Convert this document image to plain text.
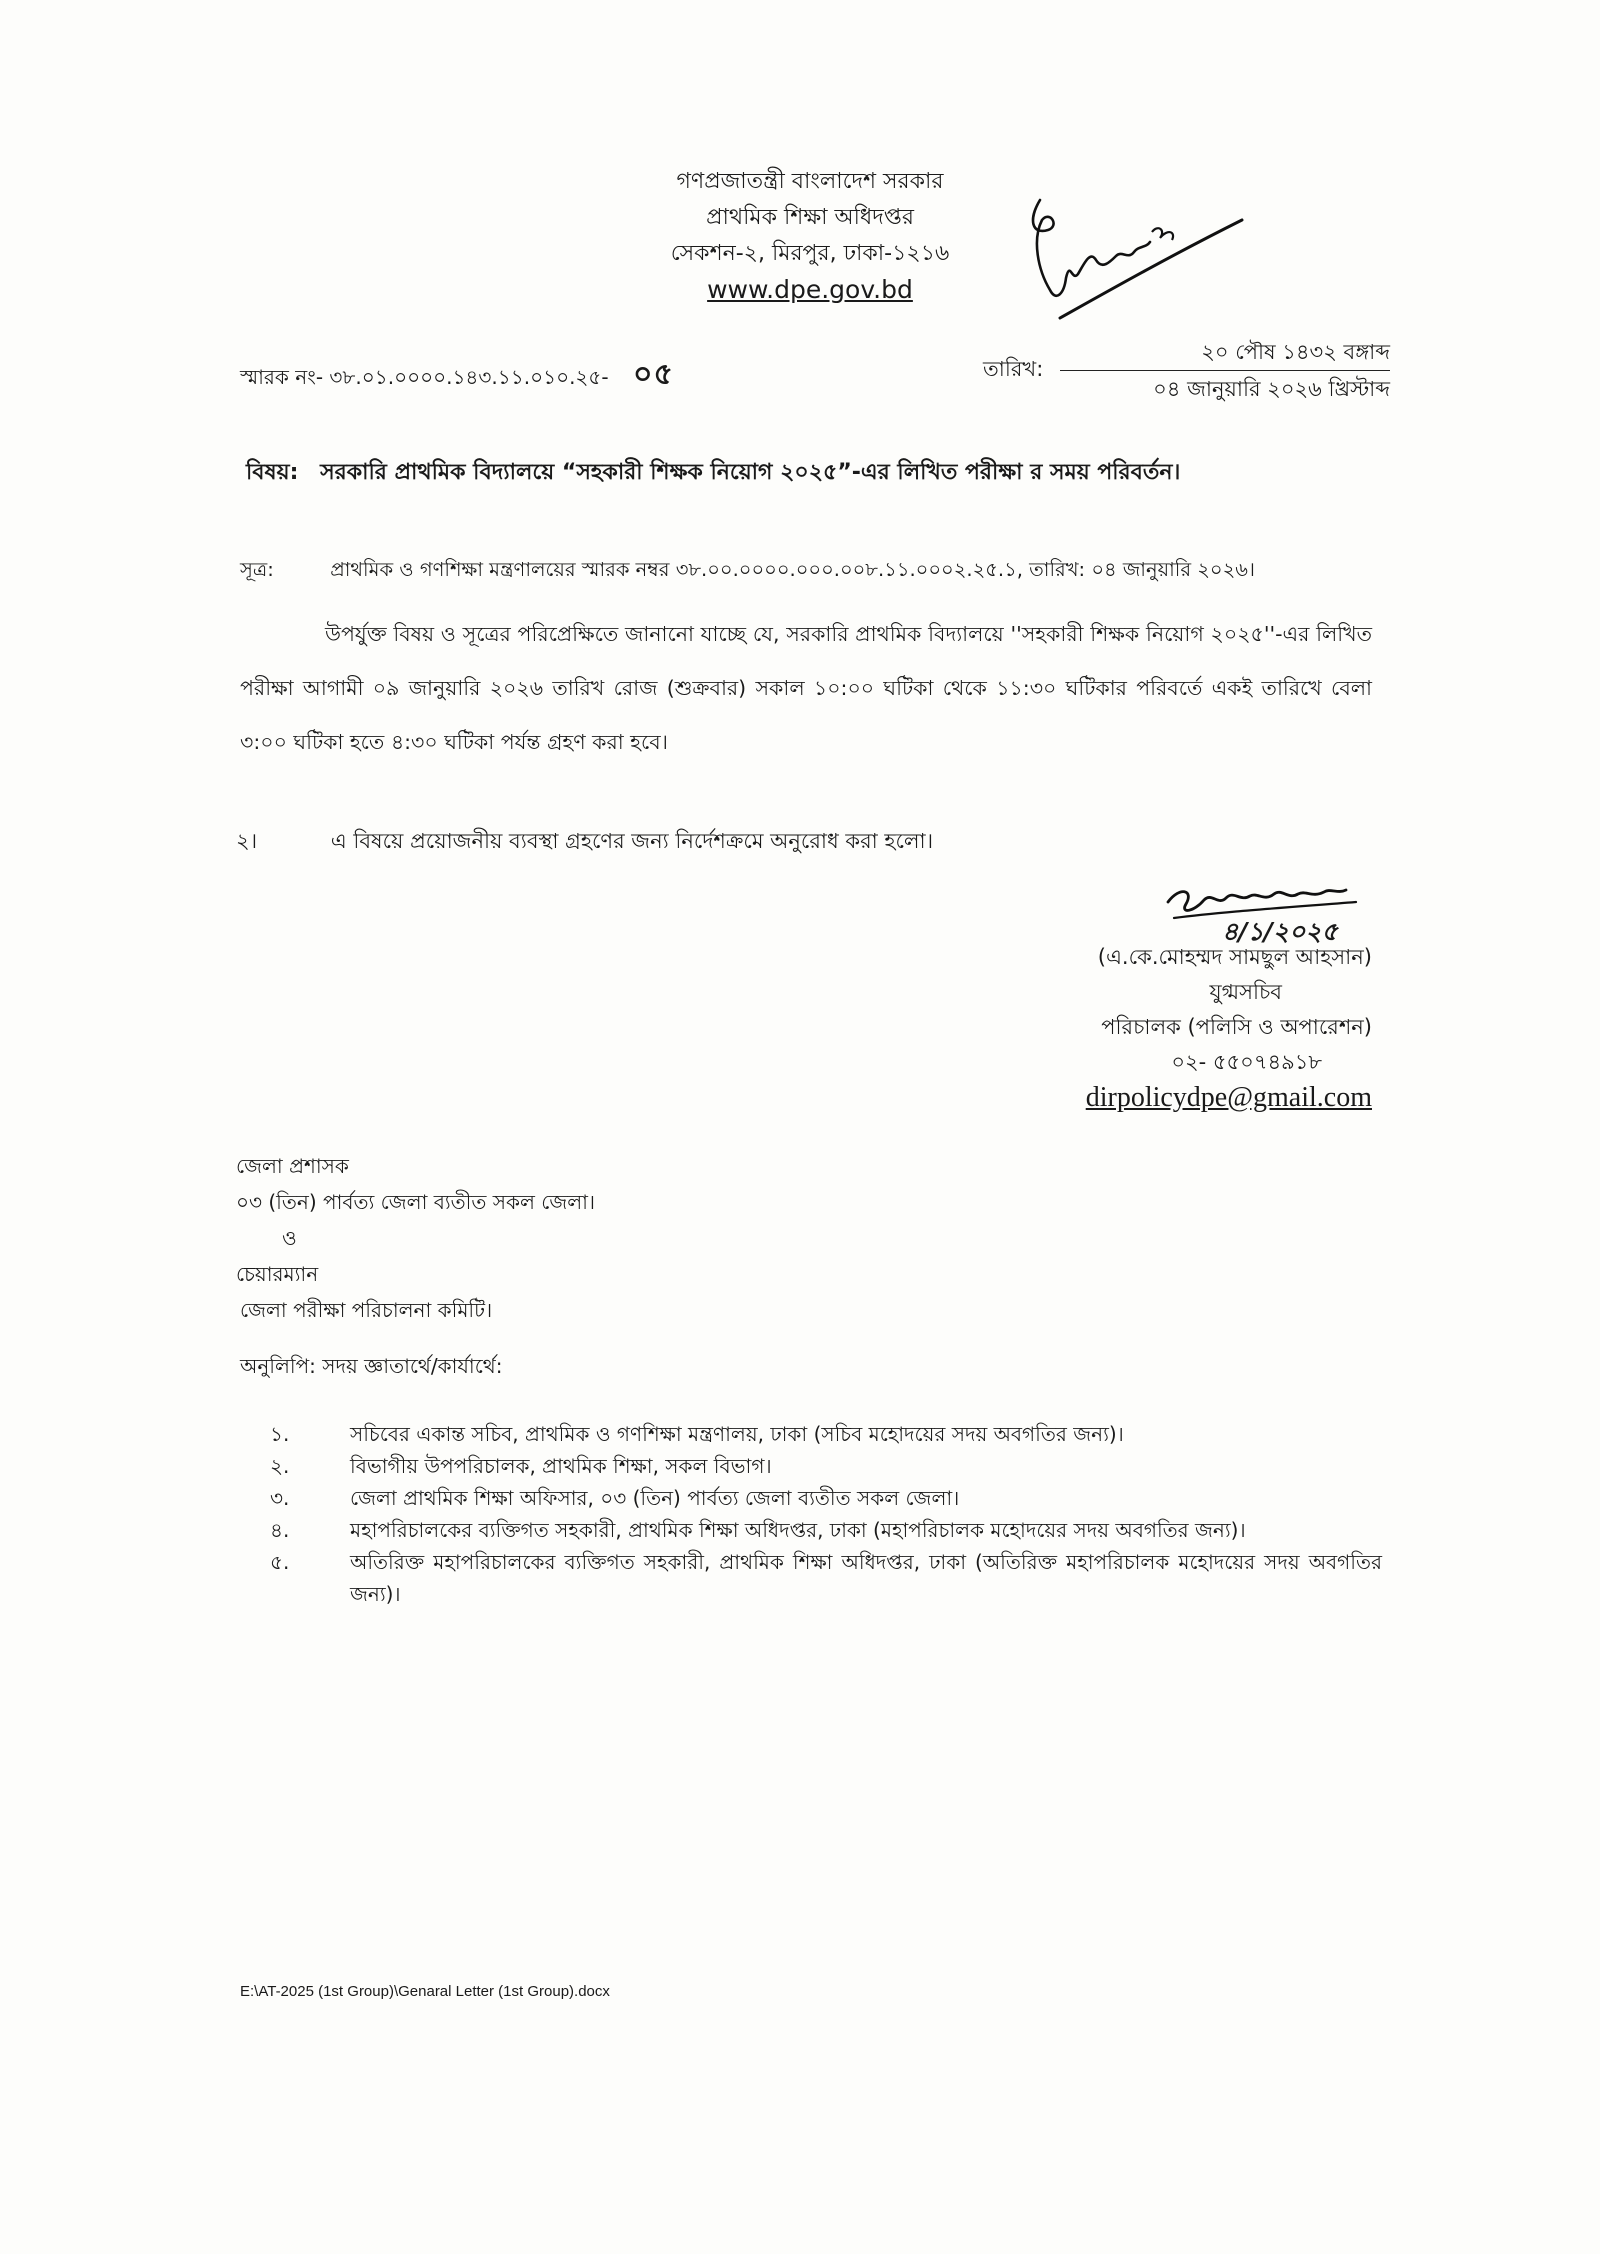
গণপ্রজাতন্ত্রী বাংলাদেশ সরকার
প্রাথমিক শিক্ষা অধিদপ্তর
সেকশন-২, মিরপুর, ঢাকা-১২১৬
www.dpe.gov.bd
স্মারক নং- ৩৮.০১.০০০০.১৪৩.১১.০১০.২৫- ০৫	তারিখ:
২০ পৌষ ১৪৩২ বঙ্গাব্দ
০৪ জানুয়ারি ২০২৬ খ্রিস্টাব্দ
বিষয়: সরকারি প্রাথমিক বিদ্যালয়ে “সহকারী শিক্ষক নিয়োগ ২০২৫”-এর লিখিত পরীক্ষা র সময় পরিবর্তন।
সূত্র:	প্রাথমিক ও গণশিক্ষা মন্ত্রণালয়ের স্মারক নম্বর ৩৮.০০.০০০০.০০০.০০৮.১১.০০০২.২৫.১, তারিখ: ০৪ জানুয়ারি ২০২৬।

উপর্যুক্ত বিষয় ও সূত্রের পরিপ্রেক্ষিতে জানানো যাচ্ছে যে, সরকারি প্রাথমিক বিদ্যালয়ে ''সহকারী শিক্ষক নিয়োগ ২০২৫''-এর লিখিত পরীক্ষা আগামী ০৯ জানুয়ারি ২০২৬ তারিখ রোজ (শুক্রবার) সকাল ১০:০০ ঘটিকা থেকে ১১:৩০ ঘটিকার পরিবর্তে একই তারিখে বেলা ৩:০০ ঘটিকা হতে ৪:৩০ ঘটিকা পর্যন্ত গ্রহণ করা হবে।

২।	এ বিষয়ে প্রয়োজনীয় ব্যবস্থা গ্রহণের জন্য নির্দেশক্রমে অনুরোধ করা হলো।
৪/১/২০২৫
(এ.কে.মোহম্মদ সামছুল আহসান)
যুগ্মসচিব
পরিচালক (পলিসি ও অপারেশন)
০২- ৫৫০৭৪৯১৮
dirpolicydpe@gmail.com
জেলা প্রশাসক
০৩ (তিন) পার্বত্য জেলা ব্যতীত সকল জেলা।
ও
চেয়ারম্যান
জেলা পরীক্ষা পরিচালনা কমিটি।
অনুলিপি: সদয় জ্ঞাতার্থে/কার্যার্থে:
১.	সচিবের একান্ত সচিব, প্রাথমিক ও গণশিক্ষা মন্ত্রণালয়, ঢাকা (সচিব মহোদয়ের সদয় অবগতির জন্য)।
২.	বিভাগীয় উপপরিচালক, প্রাথমিক শিক্ষা, সকল বিভাগ।
৩.	জেলা প্রাথমিক শিক্ষা অফিসার, ০৩ (তিন) পার্বত্য জেলা ব্যতীত সকল জেলা।
৪.	মহাপরিচালকের ব্যক্তিগত সহকারী, প্রাথমিক শিক্ষা অধিদপ্তর, ঢাকা (মহাপরিচালক মহোদয়ের সদয় অবগতির জন্য)।
৫.	অতিরিক্ত মহাপরিচালকের ব্যক্তিগত সহকারী, প্রাথমিক শিক্ষা অধিদপ্তর, ঢাকা (অতিরিক্ত মহাপরিচালক মহোদয়ের সদয় অবগতির জন্য)।
E:\AT-2025 (1st Group)\Genaral Letter (1st Group).docx
